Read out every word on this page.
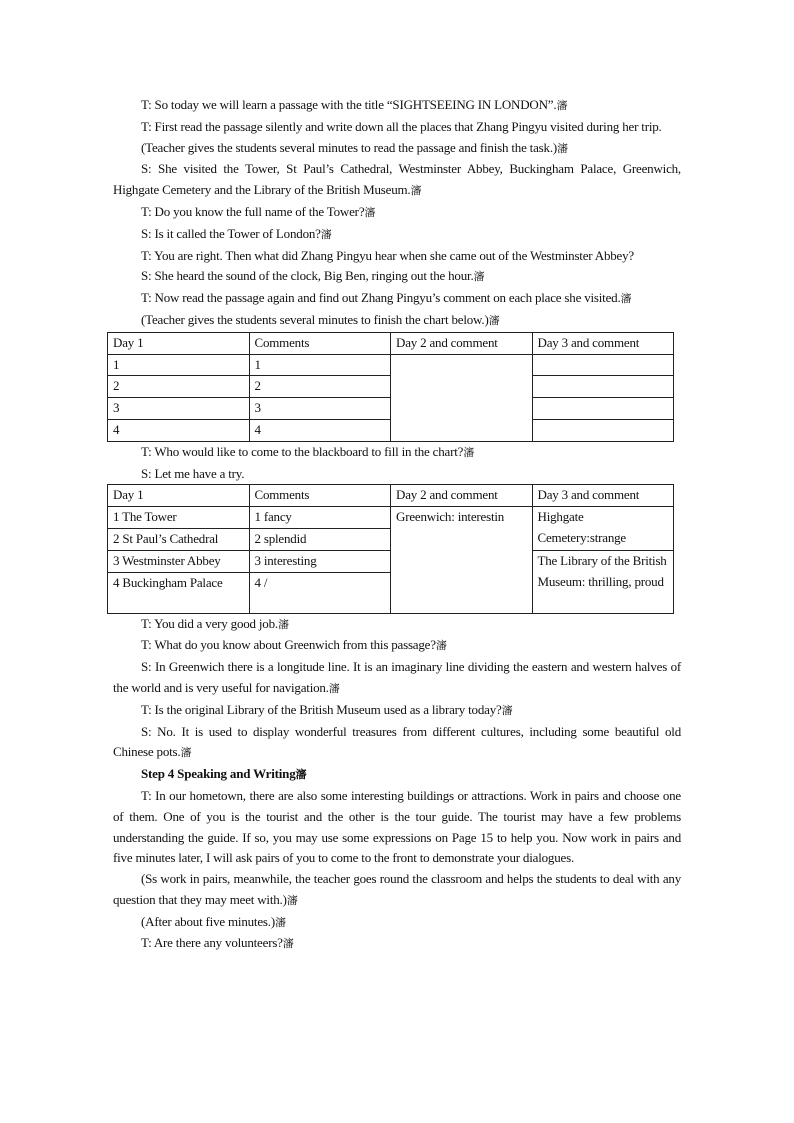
T: So today we will learn a passage with the title “SIGHTSEEING IN LONDON”.瀋

T: First read the passage silently and write down all the places that Zhang Pingyu visited during her trip.

(Teacher gives the students several minutes to read the passage and finish the task.)瀋

S: She visited the Tower, St Paul’s Cathedral, Westminster Abbey, Buckingham Palace, Greenwich, Highgate Cemetery and the Library of the British Museum.瀋

T: Do you know the full name of the Tower?瀋

S: Is it called the Tower of London?瀋

T: You are right. Then what did Zhang Pingyu hear when she came out of the Westminster Abbey?

S: She heard the sound of the clock, Big Ben, ringing out the hour.瀋

T: Now read the passage again and find out Zhang Pingyu’s comment on each place she visited.瀋

(Teacher gives the students several minutes to finish the chart below.)瀋

Day 1	Comments	Day 2 and comment	Day 3 and comment
1	1		
2	2		
3	3		
4	4		

T: Who would like to come to the blackboard to fill in the chart?瀋

S: Let me have a try.

Day 1	Comments	Day 2 and comment	Day 3 and comment
1 The Tower	1 fancy	Greenwich: interestin	Highgate Cemetery:strange
2 St Paul’s Cathedral	2 splendid		
3 Westminster Abbey	3 interesting		The Library of the British Museum: thrilling, proud
4 Buckingham Palace	4 /		

T: You did a very good job.瀋

T: What do you know about Greenwich from this passage?瀋

S: In Greenwich there is a longitude line. It is an imaginary line dividing the eastern and western halves of the world and is very useful for navigation.瀋

T: Is the original Library of the British Museum used as a library today?瀋

S: No. It is used to display wonderful treasures from different cultures, including some beautiful old Chinese pots.瀋

Step 4 Speaking and Writing瀋

T: In our hometown, there are also some interesting buildings or attractions. Work in pairs and choose one of them. One of you is the tourist and the other is the tour guide. The tourist may have a few problems understanding the guide. If so, you may use some expressions on Page 15 to help you. Now work in pairs and five minutes later, I will ask pairs of you to come to the front to demonstrate your dialogues.

(Ss work in pairs, meanwhile, the teacher goes round the classroom and helps the students to deal with any question that they may meet with.)瀋

(After about five minutes.)瀋

T: Are there any volunteers?瀋
